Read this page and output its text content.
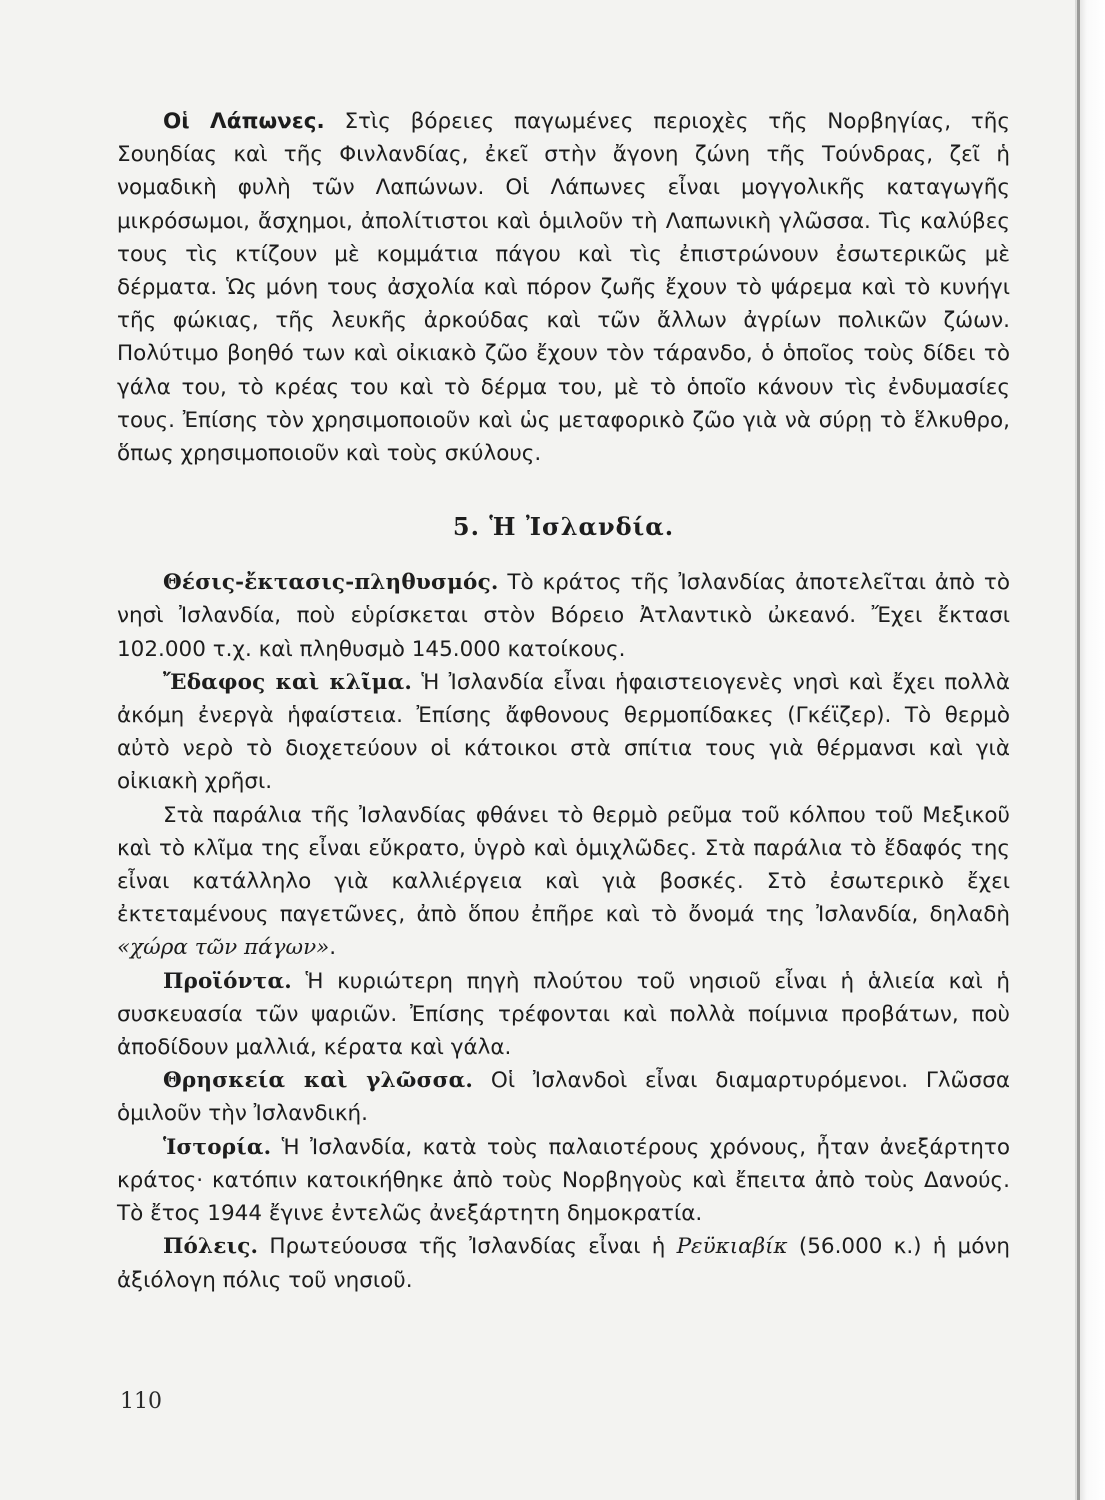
Οἱ Λάπωνες. Στὶς βόρειες παγωμένες περιοχὲς τῆς Νορβηγίας, τῆς Σουηδίας καὶ τῆς Φινλανδίας, ἐκεῖ στὴν ἄγονη ζώνη τῆς Τούνδρας, ζεῖ ἡ νομαδικὴ φυλὴ τῶν Λαπώνων. Οἱ Λάπωνες εἶναι μογγολικῆς καταγωγῆς μικρόσωμοι, ἄσχημοι, ἀπολίτιστοι καὶ ὁμιλοῦν τὴ Λαπωνικὴ γλῶσσα. Τὶς καλύβες τους τὶς κτίζουν μὲ κομμάτια πάγου καὶ τὶς ἐπιστρώνουν ἐσωτερικῶς μὲ δέρματα. Ὡς μόνη τους ἀσχολία καὶ πόρον ζωῆς ἔχουν τὸ ψάρεμα καὶ τὸ κυνήγι τῆς φώκιας, τῆς λευκῆς ἀρκούδας καὶ τῶν ἄλλων ἀγρίων πολικῶν ζώων. Πολύτιμο βοηθό των καὶ οἰκιακὸ ζῶο ἔχουν τὸν τάρανδο, ὁ ὁποῖος τοὺς δίδει τὸ γάλα του, τὸ κρέας του καὶ τὸ δέρμα του, μὲ τὸ ὁποῖο κάνουν τὶς ἐνδυμασίες τους. Ἐπίσης τὸν χρησιμοποιοῦν καὶ ὡς μεταφορικὸ ζῶο γιὰ νὰ σύρῃ τὸ ἕλκυθρο, ὅπως χρησιμοποιοῦν καὶ τοὺς σκύλους.

5. Ἡ Ἰσλανδία.

Θέσις-ἔκτασις-πληθυσμός. Τὸ κράτος τῆς Ἰσλανδίας ἀποτελεῖται ἀπὸ τὸ νησὶ Ἰσλανδία, ποὺ εὑρίσκεται στὸν Βόρειο Ἀτλαντικὸ ὠκεανό. Ἔχει ἔκτασι 102.000 τ.χ. καὶ πληθυσμὸ 145.000 κατοίκους.

Ἔδαφος καὶ κλῖμα. Ἡ Ἰσλανδία εἶναι ἡφαιστειογενὲς νησὶ καὶ ἔχει πολλὰ ἀκόμη ἐνεργὰ ἡφαίστεια. Ἐπίσης ἄφθονους θερμοπίδακες (Γκέϊζερ). Τὸ θερμὸ αὐτὸ νερὸ τὸ διοχετεύουν οἱ κάτοικοι στὰ σπίτια τους γιὰ θέρμανσι καὶ γιὰ οἰκιακὴ χρῆσι.

Στὰ παράλια τῆς Ἰσλανδίας φθάνει τὸ θερμὸ ρεῦμα τοῦ κόλπου τοῦ Μεξικοῦ καὶ τὸ κλῖμα της εἶναι εὔκρατο, ὑγρὸ καὶ ὁμιχλῶδες. Στὰ παράλια τὸ ἔδαφός της εἶναι κατάλληλο γιὰ καλλιέργεια καὶ γιὰ βοσκές. Στὸ ἐσωτερικὸ ἔχει ἐκτεταμένους παγετῶνες, ἀπὸ ὅπου ἐπῆρε καὶ τὸ ὄνομά της Ἰσλανδία, δηλαδὴ «χώρα τῶν πάγων».

Προϊόντα. Ἡ κυριώτερη πηγὴ πλούτου τοῦ νησιοῦ εἶναι ἡ ἁλιεία καὶ ἡ συσκευασία τῶν ψαριῶν. Ἐπίσης τρέφονται καὶ πολλὰ ποίμνια προβάτων, ποὺ ἀποδίδουν μαλλιά, κέρατα καὶ γάλα.

Θρησκεία καὶ γλῶσσα. Οἱ Ἰσλανδοὶ εἶναι διαμαρτυρόμενοι. Γλῶσσα ὁμιλοῦν τὴν Ἰσλανδική.

Ἱστορία. Ἡ Ἰσλανδία, κατὰ τοὺς παλαιοτέρους χρόνους, ἦταν ἀνεξάρτητο κράτος· κατόπιν κατοικήθηκε ἀπὸ τοὺς Νορβηγοὺς καὶ ἔπειτα ἀπὸ τοὺς Δανούς. Τὸ ἔτος 1944 ἔγινε ἐντελῶς ἀνεξάρτητη δημοκρατία.

Πόλεις. Πρωτεύουσα τῆς Ἰσλανδίας εἶναι ἡ Ρεϋκιαβίκ (56.000 κ.) ἡ μόνη ἀξιόλογη πόλις τοῦ νησιοῦ.

110
